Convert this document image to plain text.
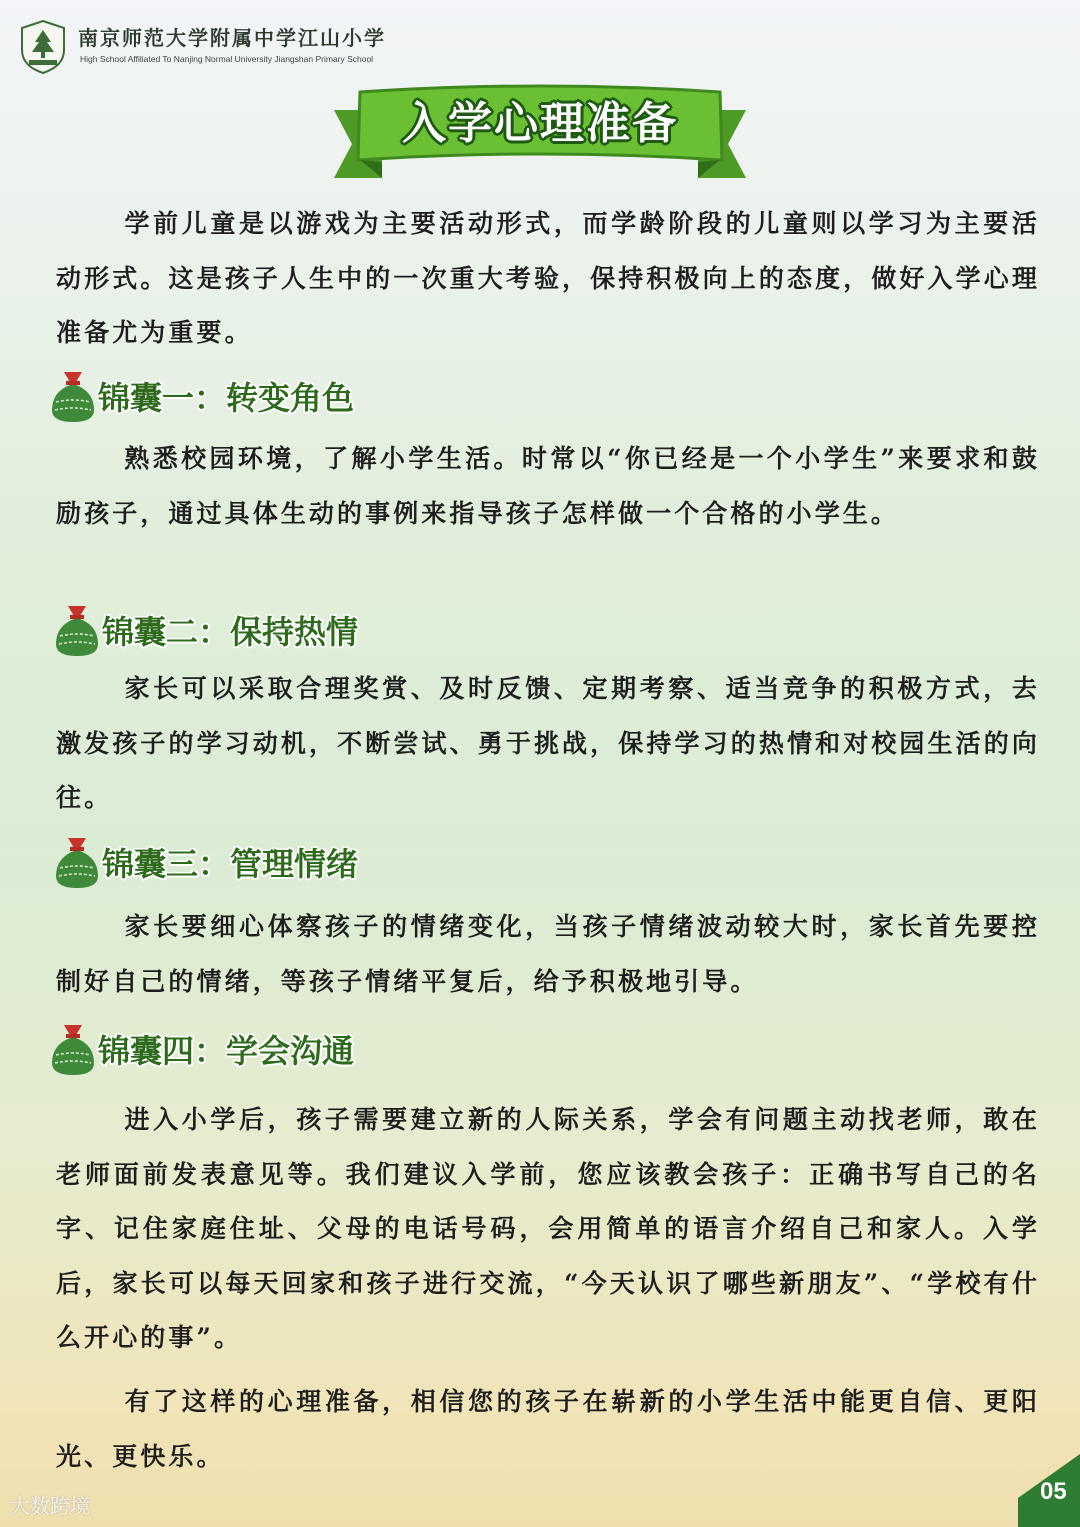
南京师范大学附属中学江山小学
High School Affiliated To Nanjing Normal University Jiangshan Primary School
入学心理准备
学前儿童是以游戏为主要活动形式，而学龄阶段的儿童则以学习为主要活动形式。这是孩子人生中的一次重大考验，保持积极向上的态度，做好入学心理准备尤为重要。
锦囊一：转变角色
熟悉校园环境，了解小学生活。时常以“你已经是一个小学生”来要求和鼓励孩子，通过具体生动的事例来指导孩子怎样做一个合格的小学生。
锦囊二：保持热情
家长可以采取合理奖赏、及时反馈、定期考察、适当竞争的积极方式，去激发孩子的学习动机，不断尝试、勇于挑战，保持学习的热情和对校园生活的向往。
锦囊三：管理情绪
家长要细心体察孩子的情绪变化，当孩子情绪波动较大时，家长首先要控制好自己的情绪，等孩子情绪平复后，给予积极地引导。
锦囊四：学会沟通
进入小学后，孩子需要建立新的人际关系，学会有问题主动找老师，敢在老师面前发表意见等。我们建议入学前，您应该教会孩子：正确书写自己的名字、记住家庭住址、父母的电话号码，会用简单的语言介绍自己和家人。入学后，家长可以每天回家和孩子进行交流，“今天认识了哪些新朋友”、“学校有什么开心的事”。
有了这样的心理准备，相信您的孩子在崭新的小学生活中能更自信、更阳光、更快乐。
大数跨境
05
